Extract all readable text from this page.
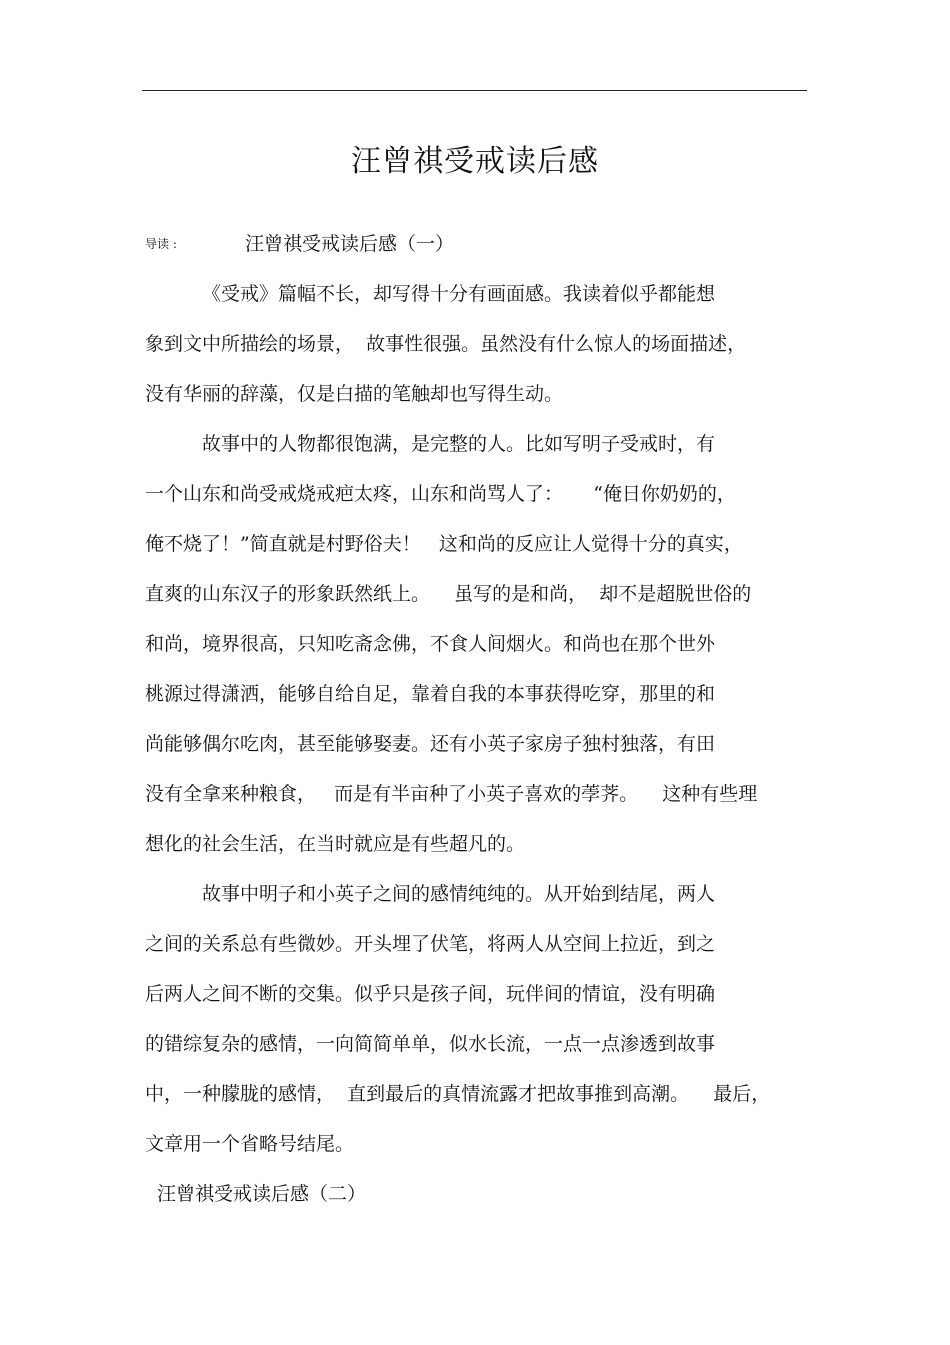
汪曾祺受戒读后感
导读 :	汪曾祺受戒读后感（一）
《受戒》篇幅不长，却写得十分有画面感。我读着似乎都能想
象到文中所描绘的场景，  故事性很强。虽然没有什么惊人的场面描述，
没有华丽的辞藻，仅是白描的笔触却也写得生动。
故事中的人物都很饱满，是完整的人。比如写明子受戒时，有
一个山东和尚受戒烧戒疤太疼，山东和尚骂人了：     “俺日你奶奶的，
俺不烧了！”简直就是村野俗夫！   这和尚的反应让人觉得十分的真实，
直爽的山东汉子的形象跃然纸上。    虽写的是和尚，  却不是超脱世俗的
和尚，境界很高，只知吃斋念佛，不食人间烟火。和尚也在那个世外
桃源过得潇洒，能够自给自足，靠着自我的本事获得吃穿，那里的和
尚能够偶尔吃肉，甚至能够娶妻。还有小英子家房子独村独落，有田
没有全拿来种粮食，   而是有半亩种了小英子喜欢的荸荠。    这种有些理
想化的社会生活，在当时就应是有些超凡的。
故事中明子和小英子之间的感情纯纯的。从开始到结尾，两人
之间的关系总有些微妙。开头埋了伏笔，将两人从空间上拉近，到之
后两人之间不断的交集。似乎只是孩子间，玩伴间的情谊，没有明确
的错综复杂的感情，一向简简单单，似水长流，一点一点渗透到故事
中，一种朦胧的感情，  直到最后的真情流露才把故事推到高潮。    最后，
文章用一个省略号结尾。
汪曾祺受戒读后感（二）
